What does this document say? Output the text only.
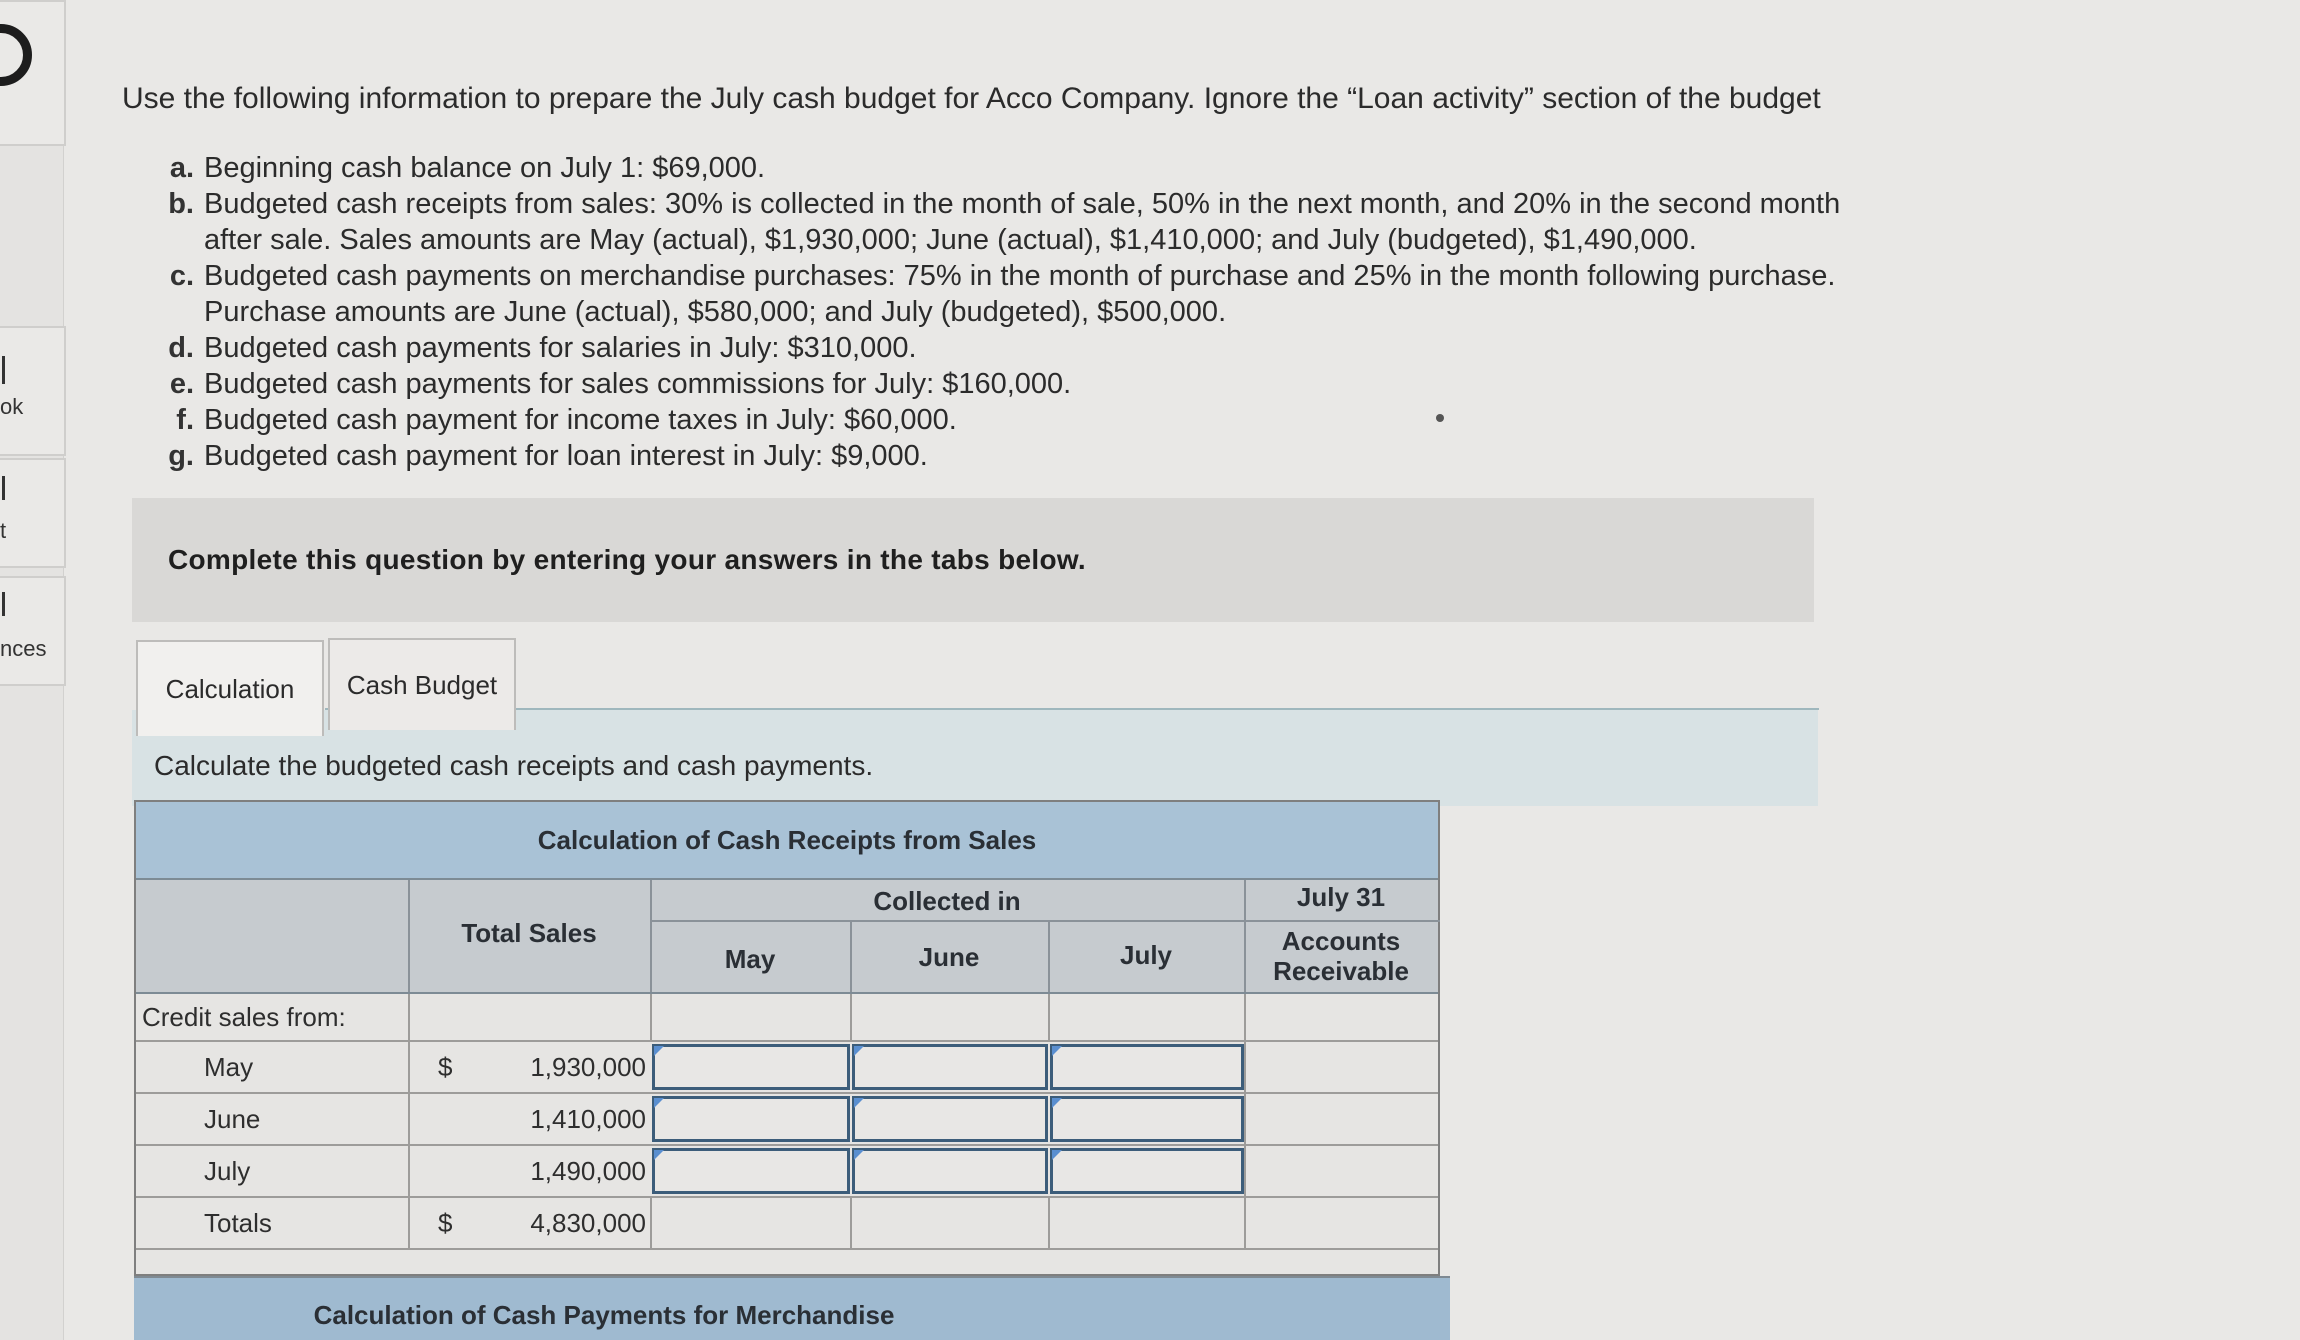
ok
t
nces
Use the following information to prepare the July cash budget for Acco Company. Ignore the “Loan activity” section of the budget
a. Beginning cash balance on July 1: $69,000.
b. Budgeted cash receipts from sales: 30% is collected in the month of sale, 50% in the next month, and 20% in the second month
after sale. Sales amounts are May (actual), $1,930,000; June (actual), $1,410,000; and July (budgeted), $1,490,000.
c. Budgeted cash payments on merchandise purchases: 75% in the month of purchase and 25% in the month following purchase.
Purchase amounts are June (actual), $580,000; and July (budgeted), $500,000.
d. Budgeted cash payments for salaries in July: $310,000.
e. Budgeted cash payments for sales commissions for July: $160,000.
f. Budgeted cash payment for income taxes in July: $60,000.
g. Budgeted cash payment for loan interest in July: $9,000.
Complete this question by entering your answers in the tabs below.
Calculate the budgeted cash receipts and cash payments.
Calculation Cash Budget
Calculation of Cash Receipts from Sales
Total Sales
Collected in
May	June	July
July 31
Accounts
Receivable
Credit sales from:
May	$	1,930,000
June	1,410,000
July	1,490,000
Totals	$	4,830,000
Calculation of Cash Payments for Merchandise
